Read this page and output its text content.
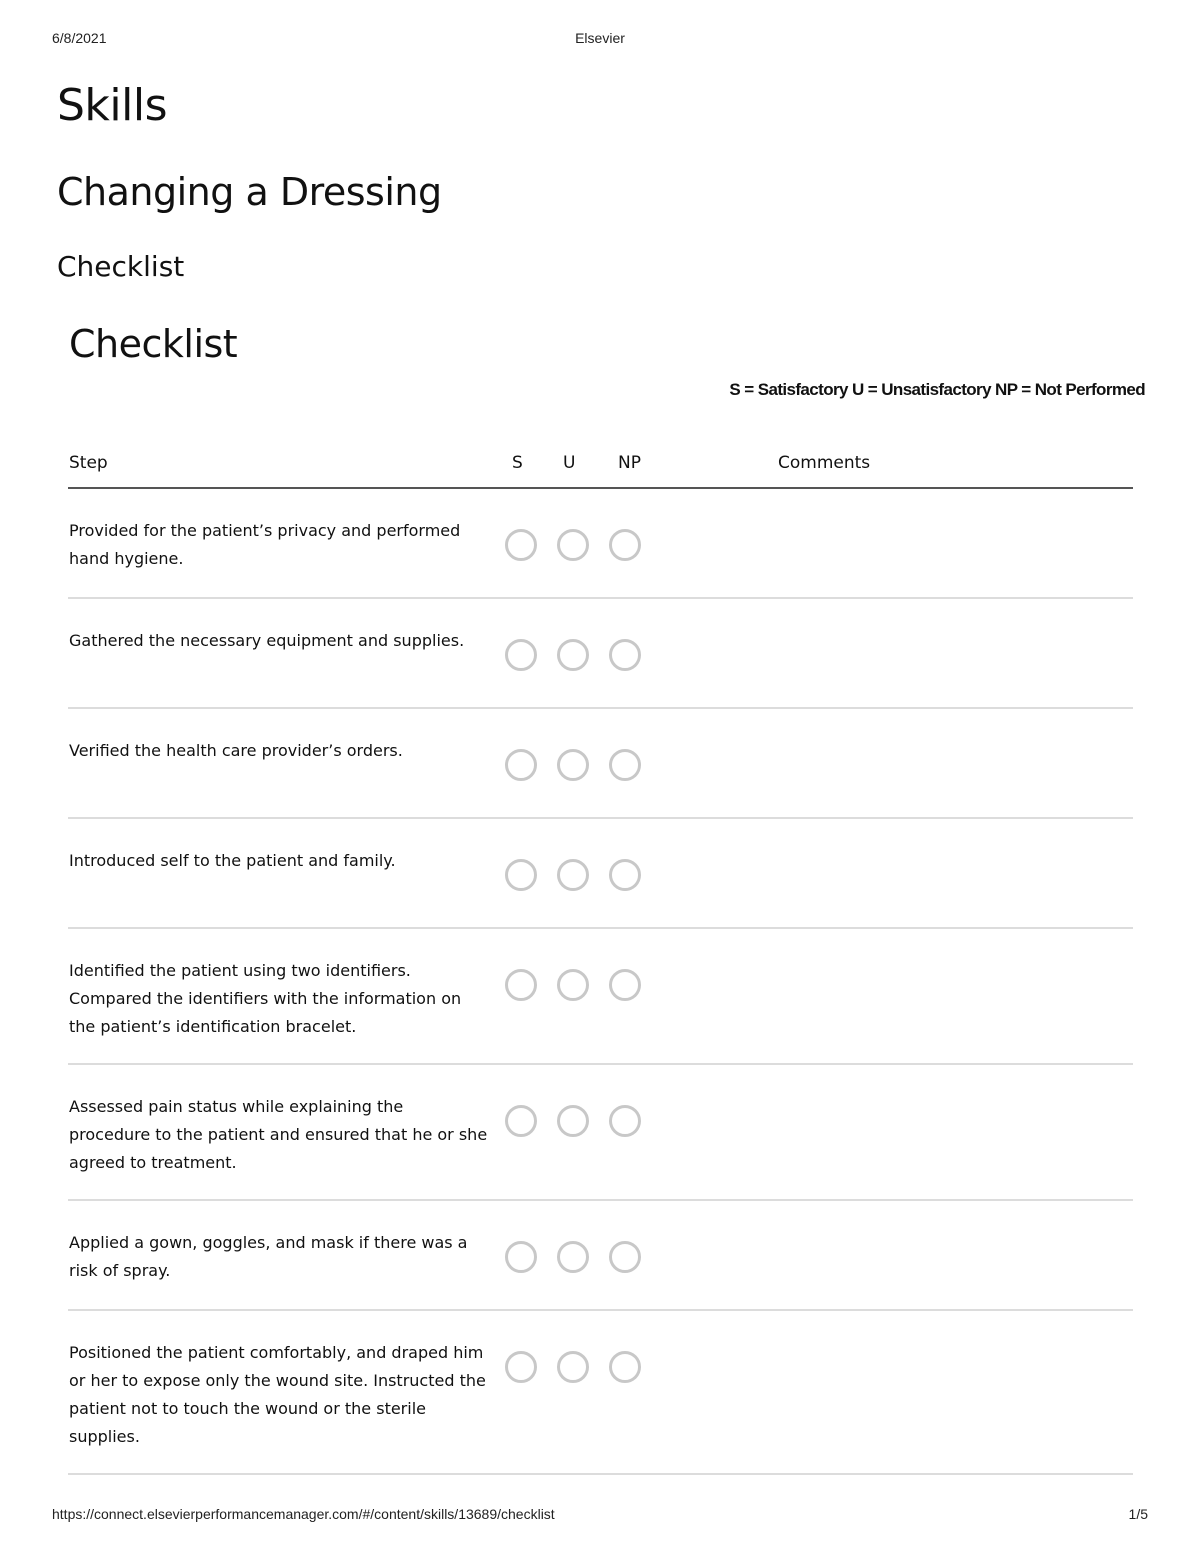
6/8/2021	Elsevier
Skills
Changing a Dressing
Checklist
Checklist
S = Satisfactory U = Unsatisfactory NP = Not Performed
Step	S U	NP	Comments
Provided for the patient’s privacy and performed hand hygiene.
Gathered the necessary equipment and supplies.
Verified the health care provider’s orders.
Introduced self to the patient and family.
Identified the patient using two identifiers. Compared the identifiers with the information on the patient’s identification bracelet.
Assessed pain status while explaining the procedure to the patient and ensured that he or she agreed to treatment.
Applied a gown, goggles, and mask if there was a risk of spray.
Positioned the patient comfortably, and draped him or her to expose only the wound site. Instructed the patient not to touch the wound or the sterile supplies.
https://connect.elsevierperformancemanager.com/#/content/skills/13689/checklist	1/5
